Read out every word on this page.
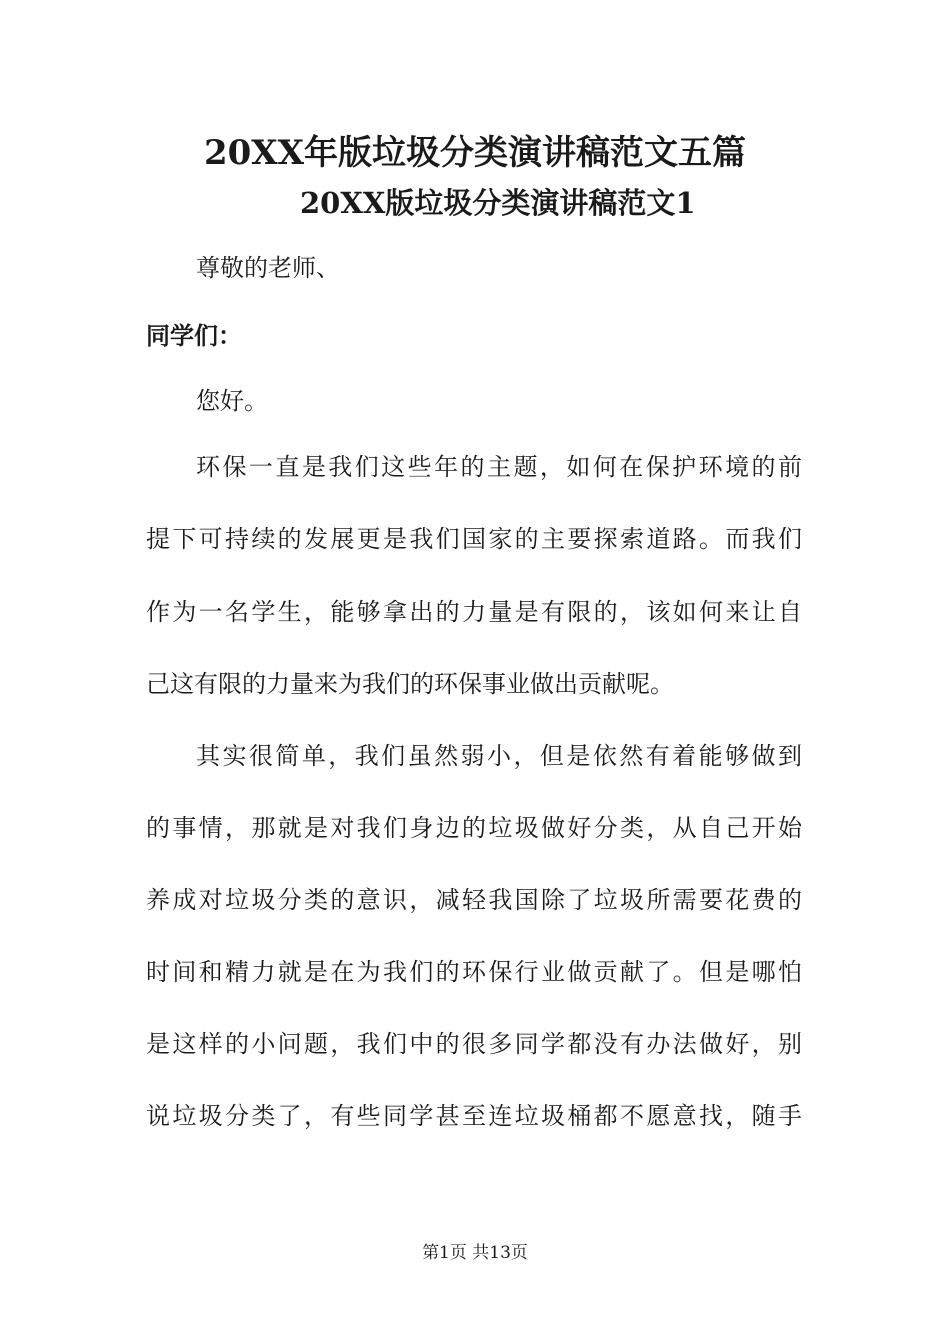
20XX年版垃圾分类演讲稿范文五篇
20XX版垃圾分类演讲稿范文1
尊敬的老师、
同学们：
您好。
环保一直是我们这些年的主题，如何在保护环境的前
提下可持续的发展更是我们国家的主要探索道路。而我们
作为一名学生，能够拿出的力量是有限的，该如何来让自
己这有限的力量来为我们的环保事业做出贡献呢。
其实很简单，我们虽然弱小，但是依然有着能够做到
的事情，那就是对我们身边的垃圾做好分类，从自己开始
养成对垃圾分类的意识，减轻我国除了垃圾所需要花费的
时间和精力就是在为我们的环保行业做贡献了。但是哪怕
是这样的小问题，我们中的很多同学都没有办法做好，别
说垃圾分类了，有些同学甚至连垃圾桶都不愿意找，随手
第1页 共13页
